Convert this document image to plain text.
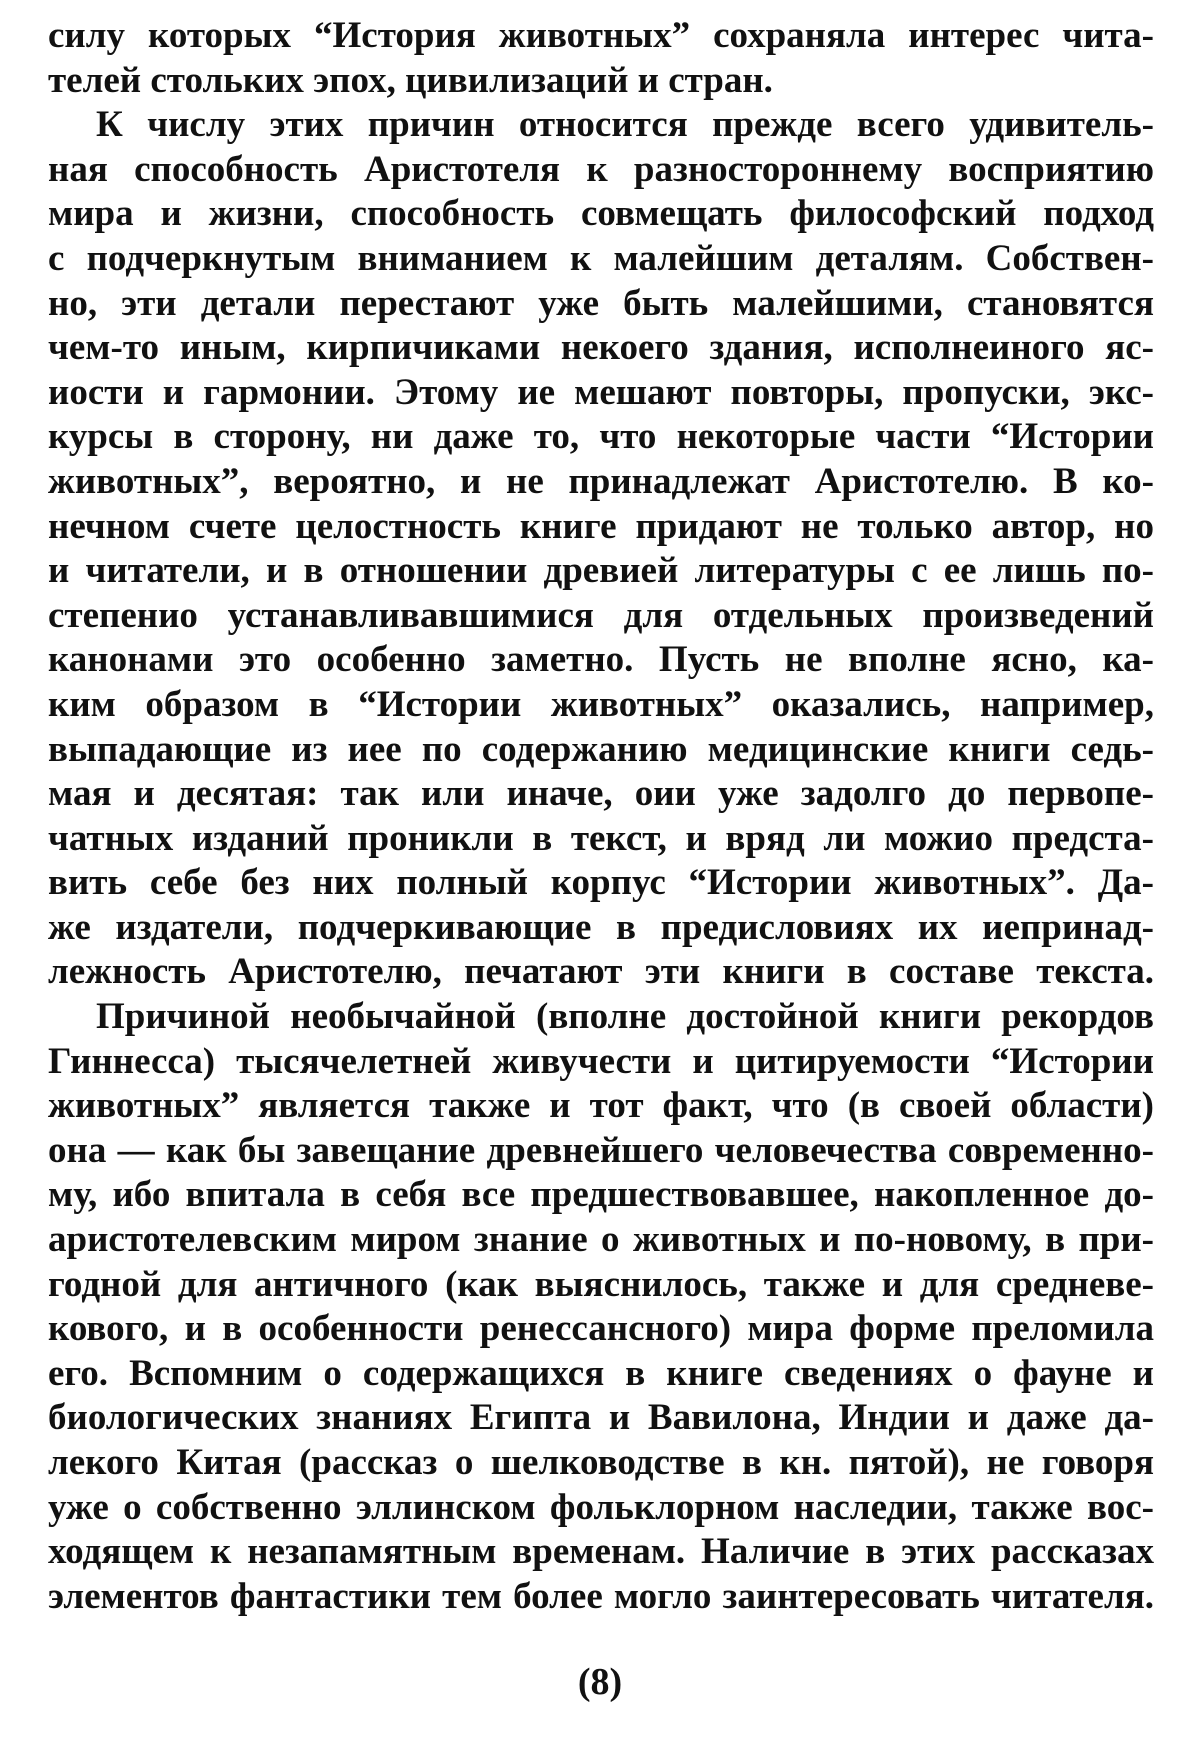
силу которых “История животных” сохраняла интерес чита-
телей стольких эпох, цивилизаций и стран.
К числу этих причин относится прежде всего удивитель-
ная способность Аристотеля к разностороннему восприятию
мира и жизни, способность совмещать философский подход
с подчеркнутым вниманием к малейшим деталям. Собствен-
но, эти детали перестают уже быть малейшими, становятся
чем-то иным, кирпичиками некоего здания, исполнеиного яс-
иости и гармонии. Этому ие мешают повторы, пропуски, экс-
курсы в сторону, ни даже то, что некоторые части “Истории
животных”, вероятно, и не принадлежат Аристотелю. В ко-
нечном счете целостность книге придают не только автор, но
и читатели, и в отношении древией литературы с ее лишь по-
степенио устанавливавшимися для отдельных произведений
канонами это особенно заметно. Пусть не вполне ясно, ка-
ким образом в “Истории животных” оказались, например,
выпадающие из иее по содержанию медицинские книги седь-
мая и десятая: так или иначе, оии уже задолго до первопе-
чатных изданий проникли в текст, и вряд ли можио предста-
вить себе без них полный корпус “Истории животных”. Да-
же издатели, подчеркивающие в предисловиях их иепринад-
лежность Аристотелю, печатают эти книги в составе текста.
Причиной необычайной (вполне достойной книги рекордов
Гиннесса) тысячелетней живучести и цитируемости “Истории
животных” является также и тот факт, что (в своей области)
она — как бы завещание древнейшего человечества современно-
му, ибо впитала в себя все предшествовавшее, накопленное до-
аристотелевским миром знание о животных и по-новому, в при-
годной для античного (как выяснилось, также и для средневе-
кового, и в особенности ренессансного) мира форме преломила
его. Вспомним о содержащихся в книге сведениях о фауне и
биологических знаниях Египта и Вавилона, Индии и даже да-
лекого Китая (рассказ о шелководстве в кн. пятой), не говоря
уже о собственно эллинском фольклорном наследии, также вос-
ходящем к незапамятным временам. Наличие в этих рассказах
элементов фантастики тем более могло заинтересовать читателя.
(8)
